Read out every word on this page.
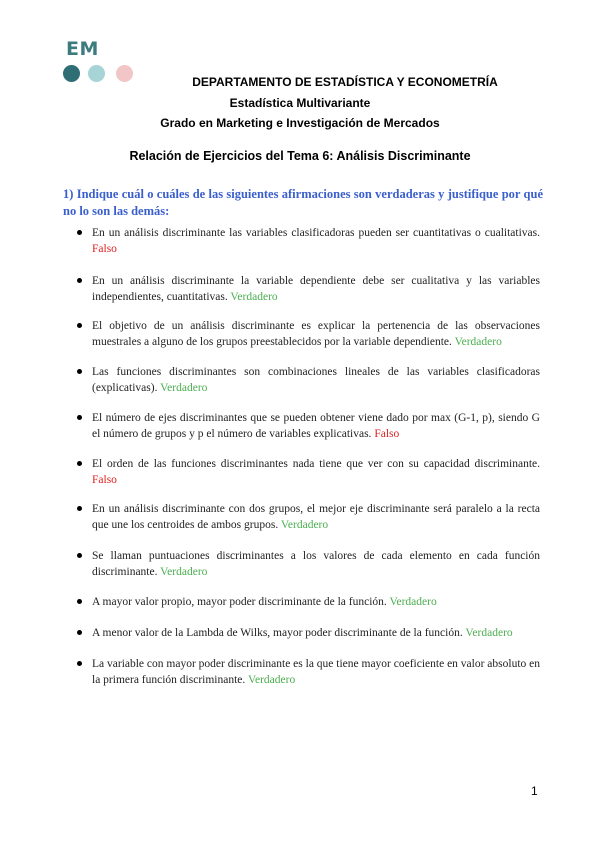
EM
DEPARTAMENTO DE ESTADÍSTICA Y ECONOMETRÍA
Estadística Multivariante
Grado en Marketing e Investigación de Mercados
Relación de Ejercicios del Tema 6: Análisis Discriminante
1) Indique cuál o cuáles de las siguientes afirmaciones son verdaderas y justifique por qué no lo son las demás:
En un análisis discriminante las variables clasificadoras pueden ser cuantitativas o cualitativas. Falso
En un análisis discriminante la variable dependiente debe ser cualitativa y las variables independientes, cuantitativas. Verdadero
El objetivo de un análisis discriminante es explicar la pertenencia de las observaciones muestrales a alguno de los grupos preestablecidos por la variable dependiente. Verdadero
Las funciones discriminantes son combinaciones lineales de las variables clasificadoras (explicativas). Verdadero
El número de ejes discriminantes que se pueden obtener viene dado por max (G-1, p), siendo G el número de grupos y p el número de variables explicativas. Falso
El orden de las funciones discriminantes nada tiene que ver con su capacidad discriminante. Falso
En un análisis discriminante con dos grupos, el mejor eje discriminante será paralelo a la recta que une los centroides de ambos grupos. Verdadero
Se llaman puntuaciones discriminantes a los valores de cada elemento en cada función discriminante. Verdadero
A mayor valor propio, mayor poder discriminante de la función. Verdadero
A menor valor de la Lambda de Wilks, mayor poder discriminante de la función. Verdadero
La variable con mayor poder discriminante es la que tiene mayor coeficiente en valor absoluto en la primera función discriminante. Verdadero
1
